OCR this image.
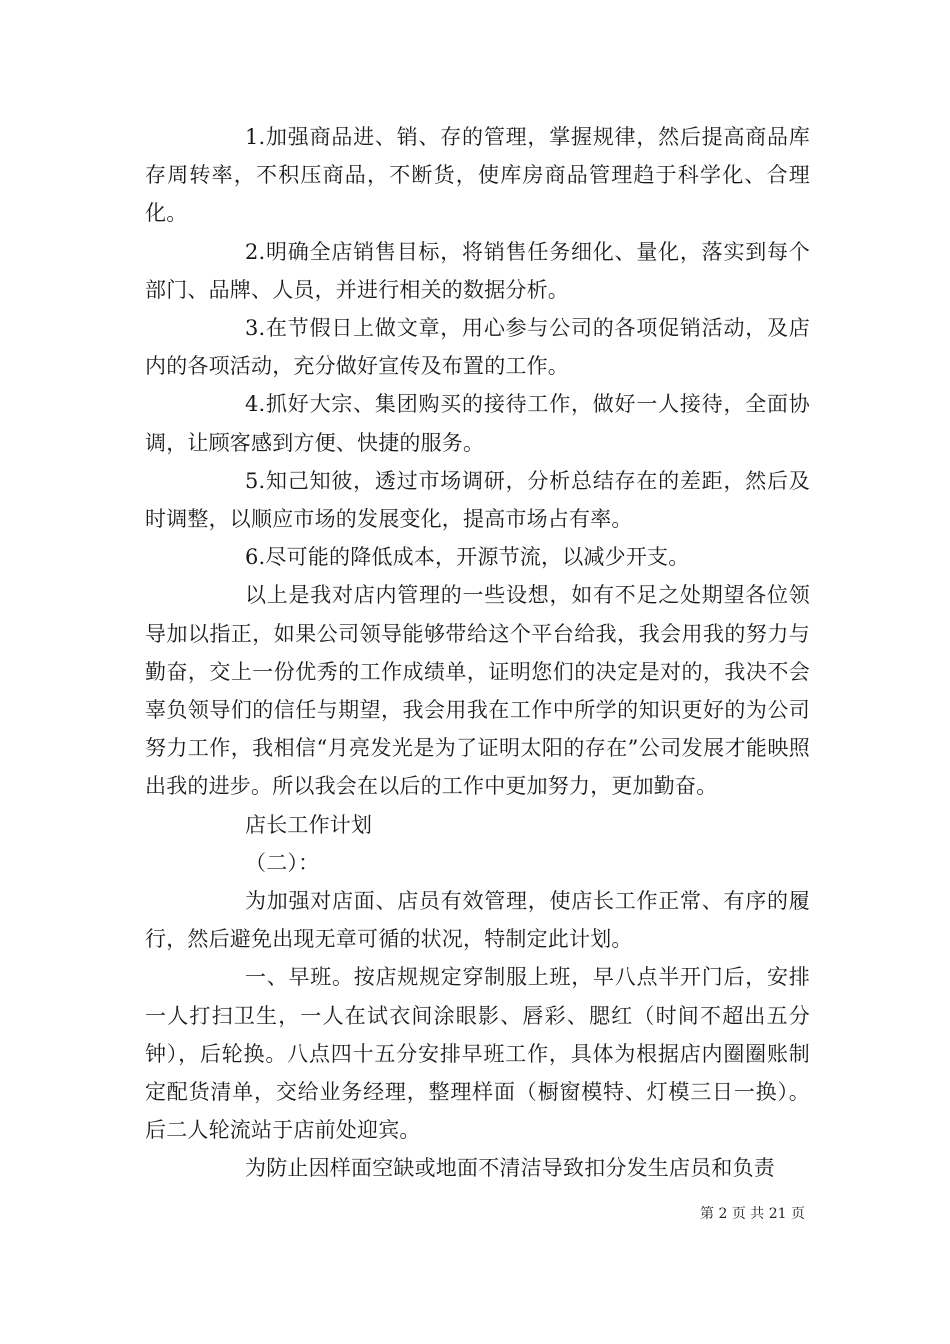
1.加强商品进、销、存的管理，掌握规律，然后提高商品库存周转率，不积压商品，不断货，使库房商品管理趋于科学化、合理化。

2.明确全店销售目标，将销售任务细化、量化，落实到每个部门、品牌、人员，并进行相关的数据分析。

3.在节假日上做文章，用心参与公司的各项促销活动，及店内的各项活动，充分做好宣传及布置的工作。

4.抓好大宗、集团购买的接待工作，做好一人接待，全面协调，让顾客感到方便、快捷的服务。

5.知己知彼，透过市场调研，分析总结存在的差距，然后及时调整，以顺应市场的发展变化，提高市场占有率。

6.尽可能的降低成本，开源节流，以减少开支。

以上是我对店内管理的一些设想，如有不足之处期望各位领导加以指正，如果公司领导能够带给这个平台给我，我会用我的努力与勤奋，交上一份优秀的工作成绩单，证明您们的决定是对的，我决不会辜负领导们的信任与期望，我会用我在工作中所学的知识更好的为公司努力工作，我相信“月亮发光是为了证明太阳的存在”公司发展才能映照出我的进步。所以我会在以后的工作中更加努力，更加勤奋。

店长工作计划

（二）：

为加强对店面、店员有效管理，使店长工作正常、有序的履行，然后避免出现无章可循的状况，特制定此计划。

一、早班。按店规规定穿制服上班，早八点半开门后，安排一人打扫卫生，一人在试衣间涂眼影、唇彩、腮红（时间不超出五分钟），后轮换。八点四十五分安排早班工作，具体为根据店内圈圈账制定配货清单，交给业务经理，整理样面（橱窗模特、灯模三日一换）。后二人轮流站于店前处迎宾。

为防止因样面空缺或地面不清洁导致扣分发生店员和负责

第 2 页 共 21 页
